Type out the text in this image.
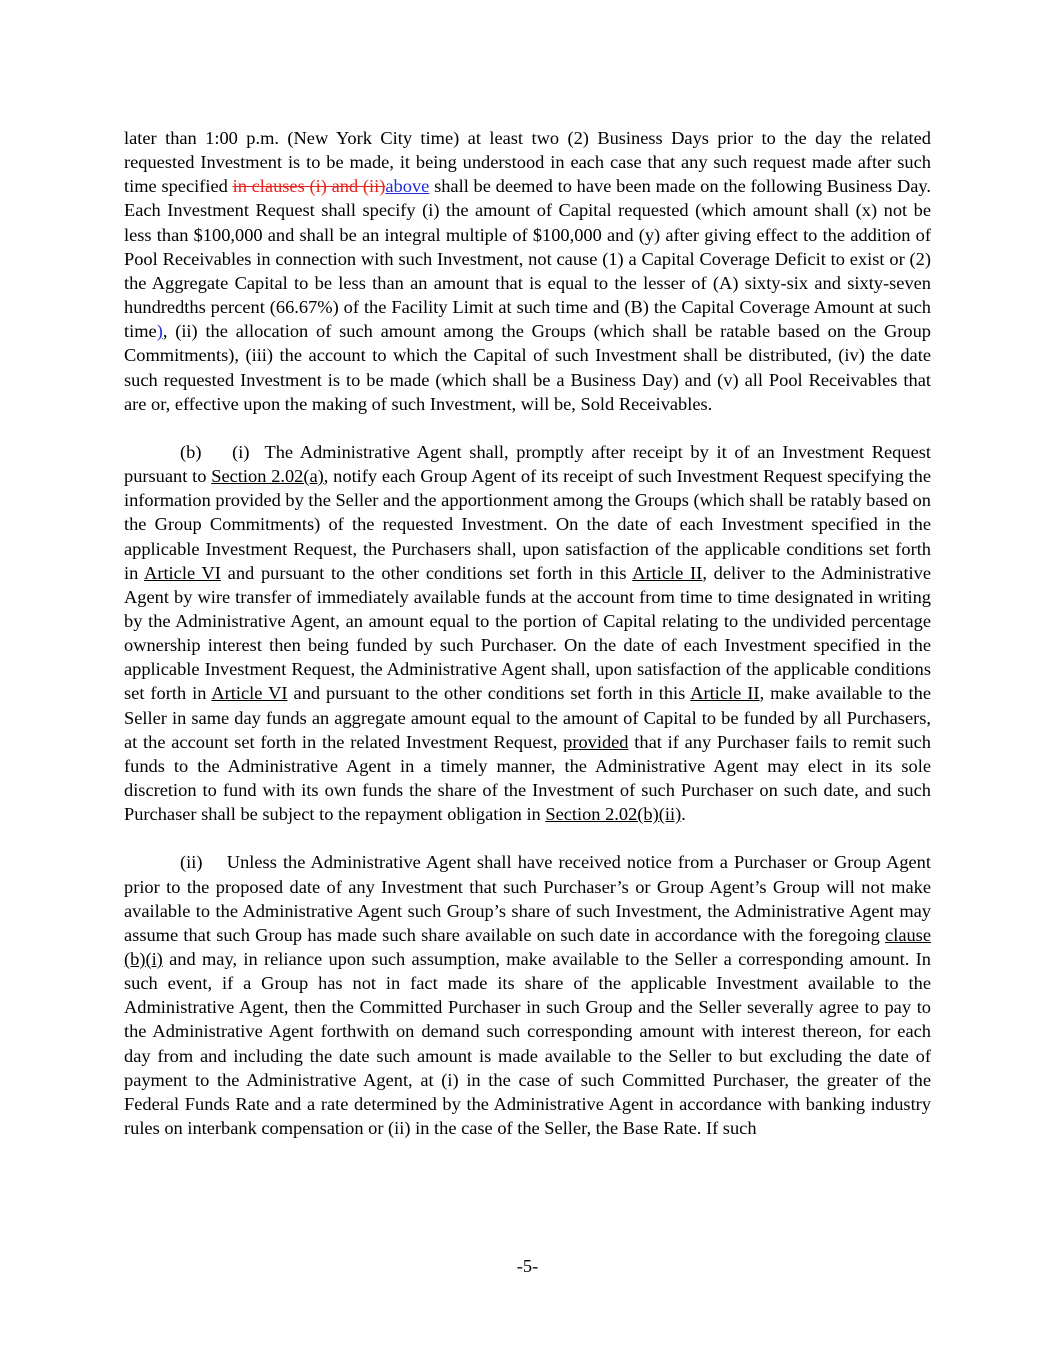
later than 1:00 p.m. (New York City time) at least two (2) Business Days prior to the day the related requested Investment is to be made, it being understood in each case that any such request made after such time specified in clauses (i) and (ii)above shall be deemed to have been made on the following Business Day. Each Investment Request shall specify (i) the amount of Capital requested (which amount shall (x) not be less than $100,000 and shall be an integral multiple of $100,000 and (y) after giving effect to the addition of Pool Receivables in connection with such Investment, not cause (1) a Capital Coverage Deficit to exist or (2) the Aggregate Capital to be less than an amount that is equal to the lesser of (A) sixty-six and sixty-seven hundredths percent (66.67%) of the Facility Limit at such time and (B) the Capital Coverage Amount at such time), (ii) the allocation of such amount among the Groups (which shall be ratable based on the Group Commitments), (iii) the account to which the Capital of such Investment shall be distributed, (iv) the date such requested Investment is to be made (which shall be a Business Day) and (v) all Pool Receivables that are or, effective upon the making of such Investment, will be, Sold Receivables.

(b)    (i)  The Administrative Agent shall, promptly after receipt by it of an Investment Request pursuant to Section 2.02(a), notify each Group Agent of its receipt of such Investment Request specifying the information provided by the Seller and the apportionment among the Groups (which shall be ratably based on the Group Commitments) of the requested Investment. On the date of each Investment specified in the applicable Investment Request, the Purchasers shall, upon satisfaction of the applicable conditions set forth in Article VI and pursuant to the other conditions set forth in this Article II, deliver to the Administrative Agent by wire transfer of immediately available funds at the account from time to time designated in writing by the Administrative Agent, an amount equal to the portion of Capital relating to the undivided percentage ownership interest then being funded by such Purchaser. On the date of each Investment specified in the applicable Investment Request, the Administrative Agent shall, upon satisfaction of the applicable conditions set forth in Article VI and pursuant to the other conditions set forth in this Article II, make available to the Seller in same day funds an aggregate amount equal to the amount of Capital to be funded by all Purchasers, at the account set forth in the related Investment Request, provided that if any Purchaser fails to remit such funds to the Administrative Agent in a timely manner, the Administrative Agent may elect in its sole discretion to fund with its own funds the share of the Investment of such Purchaser on such date, and such Purchaser shall be subject to the repayment obligation in Section 2.02(b)(ii).

(ii)    Unless the Administrative Agent shall have received notice from a Purchaser or Group Agent prior to the proposed date of any Investment that such Purchaser’s or Group Agent’s Group will not make available to the Administrative Agent such Group’s share of such Investment, the Administrative Agent may assume that such Group has made such share available on such date in accordance with the foregoing clause (b)(i) and may, in reliance upon such assumption, make available to the Seller a corresponding amount. In such event, if a Group has not in fact made its share of the applicable Investment available to the Administrative Agent, then the Committed Purchaser in such Group and the Seller severally agree to pay to the Administrative Agent forthwith on demand such corresponding amount with interest thereon, for each day from and including the date such amount is made available to the Seller to but excluding the date of payment to the Administrative Agent, at (i) in the case of such Committed Purchaser, the greater of the Federal Funds Rate and a rate determined by the Administrative Agent in accordance with banking industry rules on interbank compensation or (ii) in the case of the Seller, the Base Rate. If such

-5-
